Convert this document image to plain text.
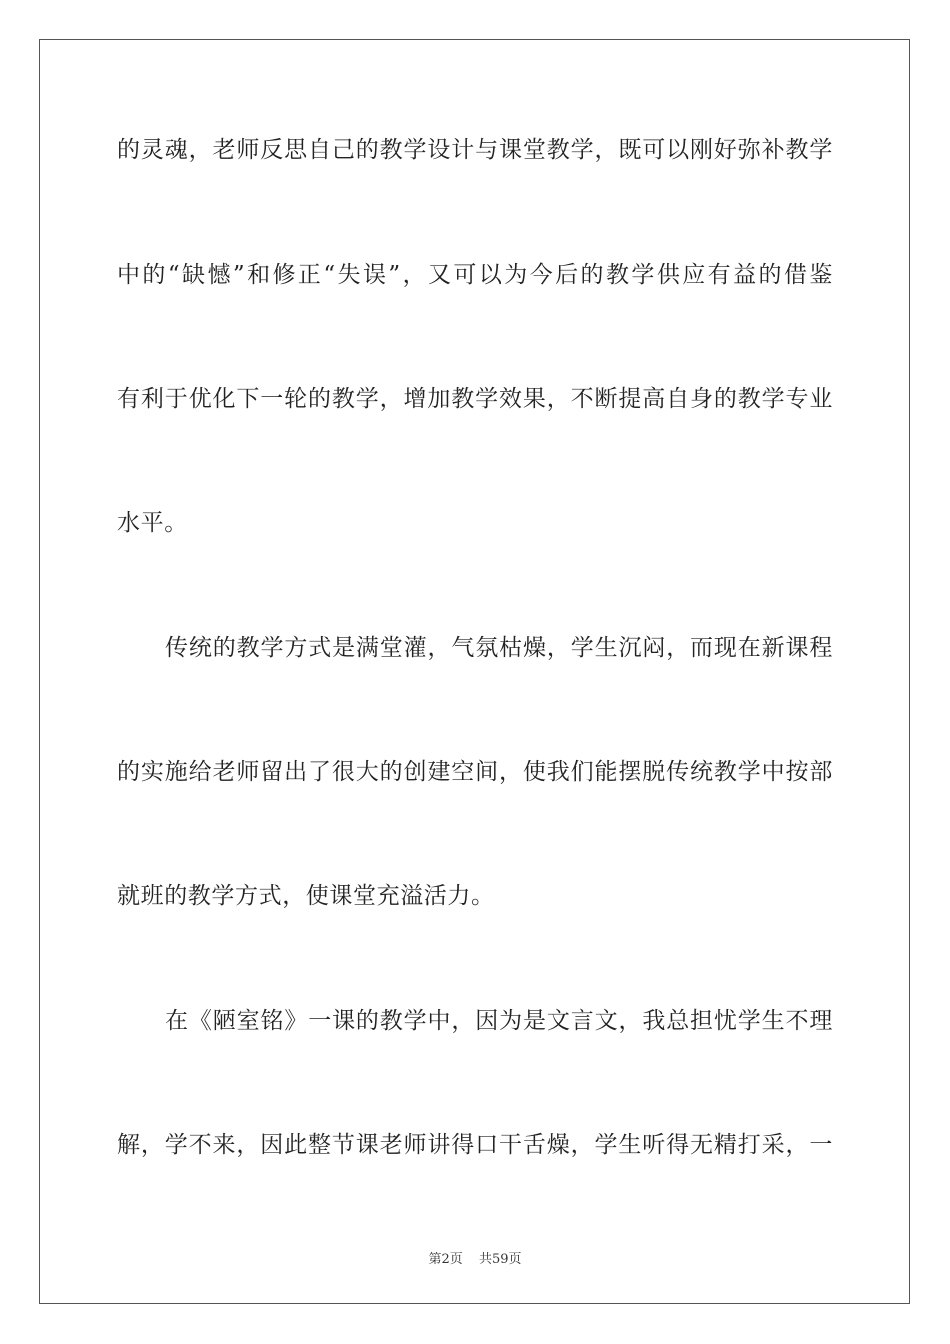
的灵魂，老师反思自己的教学设计与课堂教学，既可以刚好弥补教学
中的“缺憾”和修正“失误”，又可以为今后的教学供应有益的借鉴
有利于优化下一轮的教学，增加教学效果，不断提高自身的教学专业
水平。
传统的教学方式是满堂灌，气氛枯燥，学生沉闷，而现在新课程
的实施给老师留出了很大的创建空间，使我们能摆脱传统教学中按部
就班的教学方式，使课堂充溢活力。
在《陋室铭》一课的教学中，因为是文言文，我总担忧学生不理
解，学不来，因此整节课老师讲得口干舌燥，学生听得无精打采，一
第2页 共59页
